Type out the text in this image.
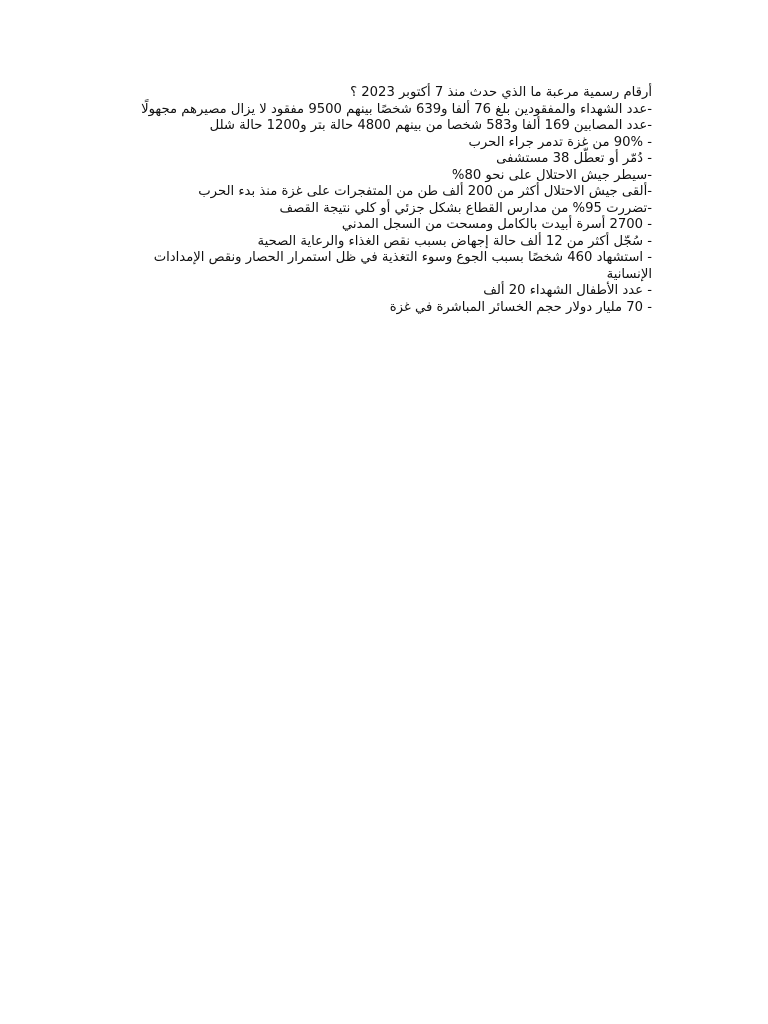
أرقام رسمية مرعبة ما الذي حدث منذ 7 أكتوبر 2023 ؟

-عدد الشهداء والمفقودين بلغ 76 ألفا و639 شخصًا بينهم 9500 مفقود لا يزال مصيرهم مجهولًا

-عدد المصابين 169 ألفا و583 شخصا من بينهم 4800 حالة بتر و1200 حالة شلل

- 90% من غزة تدمر جراء الحرب

- دُمّر أو تعطّل 38 مستشفى

-سيطر جيش الاحتلال على نحو 80%

-ألقى جيش الاحتلال أكثر من 200 ألف طن من المتفجرات على غزة منذ بدء الحرب

-تضررت 95% من مدارس القطاع بشكل جزئي أو كلي نتيجة القصف

- 2700 أسرة أبيدت بالكامل ومسحت من السجل المدني

- سُجّل أكثر من 12 ألف حالة إجهاض بسبب نقص الغذاء والرعاية الصحية

- استشهاد 460 شخصًا بسبب الجوع وسوء التغذية في ظل استمرار الحصار ونقص الإمدادات الإنسانية

- عدد الأطفال الشهداء 20 ألف

- 70 مليار دولار حجم الخسائر المباشرة في غزة
